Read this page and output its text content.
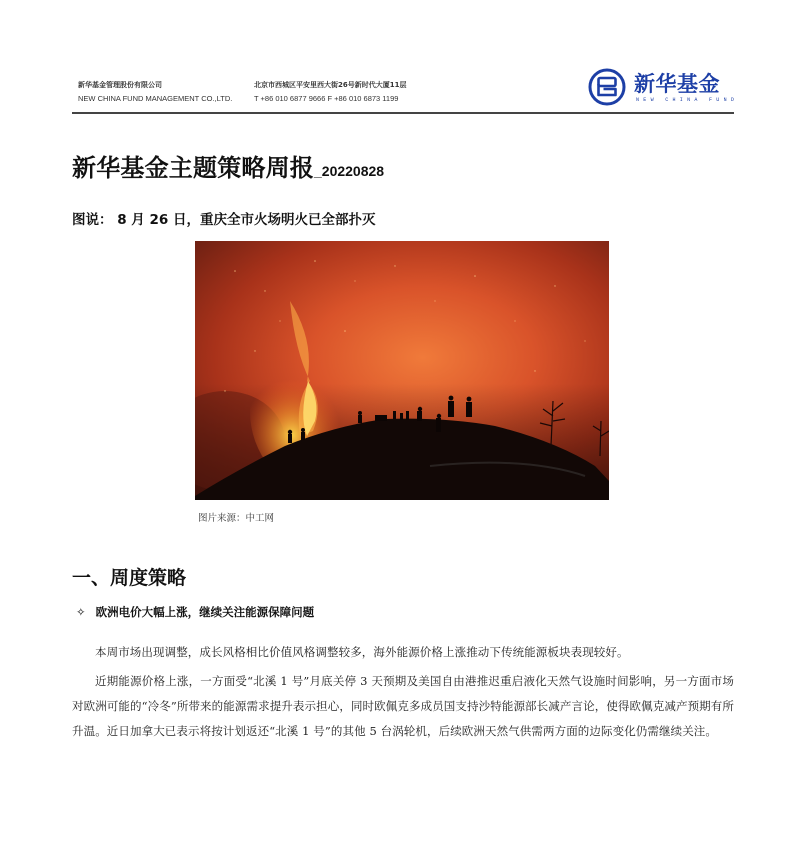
新华基金管理股份有限公司
NEW CHINA FUND MANAGEMENT CO.,LTD.
北京市西城区平安里西大街26号新时代大厦11层
T +86 010 6877 9666 F +86 010 6873 1199
新华基金
NEW CHINA FUND
新华基金主题策略周报_20220828
图说： 8 月 26 日，重庆全市火场明火已全部扑灭
图片来源：中工网
一、周度策略
✧ 欧洲电价大幅上涨，继续关注能源保障问题

本周市场出现调整，成长风格相比价值风格调整较多，海外能源价格上涨推动下传统能源板块表现较好。

近期能源价格上涨，一方面受“北溪 1 号”月底关停 3 天预期及美国自由港推迟重启液化天然气设施时间影响，另一方面市场对欧洲可能的“冷冬”所带来的能源需求提升表示担心，同时欧佩克多成员国支持沙特能源部长减产言论，使得欧佩克减产预期有所升温。近日加拿大已表示将按计划返还“北溪 1 号”的其他 5 台涡轮机，后续欧洲天然气供需两方面的边际变化仍需继续关注。
